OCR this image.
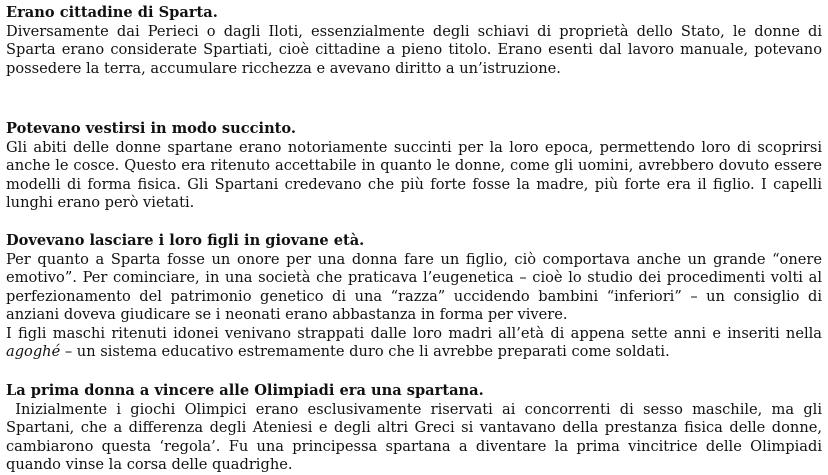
Erano cittadine di Sparta.

Diversamente dai Perieci o dagli Iloti, essenzialmente degli schiavi di proprietà dello Stato, le donne di Sparta erano considerate Spartiati, cioè cittadine a pieno titolo. Erano esenti dal lavoro manuale, potevano possedere la terra, accumulare ricchezza e avevano diritto a un’istruzione.

Potevano vestirsi in modo succinto.

Gli abiti delle donne spartane erano notoriamente succinti per la loro epoca, permettendo loro di scoprirsi anche le cosce. Questo era ritenuto accettabile in quanto le donne, come gli uomini, avrebbero dovuto essere modelli di forma fisica. Gli Spartani credevano che più forte fosse la madre, più forte era il figlio. I capelli lunghi erano però vietati.

Dovevano lasciare i loro figli in giovane età.

Per quanto a Sparta fosse un onore per una donna fare un figlio, ciò comportava anche un grande “onere emotivo”. Per cominciare, in una società che praticava l’eugenetica – cioè lo studio dei procedimenti volti al perfezionamento del patrimonio genetico di una “razza” uccidendo bambini “inferiori” – un consiglio di anziani doveva giudicare se i neonati erano abbastanza in forma per vivere.

I figli maschi ritenuti idonei venivano strappati dalle loro madri all’età di appena sette anni e inseriti nella agoghé – un sistema educativo estremamente duro che li avrebbe preparati come soldati.

La prima donna a vincere alle Olimpiadi era una spartana.

Inizialmente i giochi Olimpici erano esclusivamente riservati ai concorrenti di sesso maschile, ma gli Spartani, che a differenza degli Ateniesi e degli altri Greci si vantavano della prestanza fisica delle donne, cambiarono questa ‘regola’. Fu una principessa spartana a diventare la prima vincitrice delle Olimpiadi quando vinse la corsa delle quadrighe.
